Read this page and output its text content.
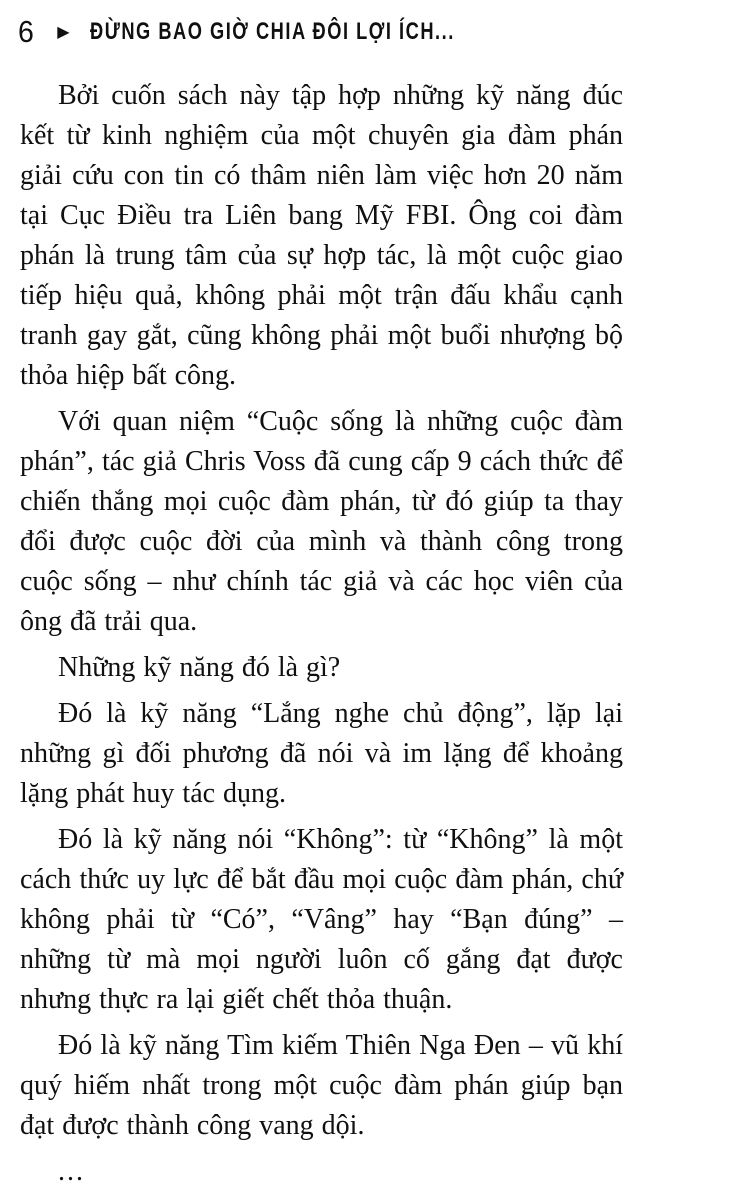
6 ▶ ĐỪNG BAO GIỜ CHIA ĐÔI LỢI ÍCH...

Bởi cuốn sách này tập hợp những kỹ năng đúc kết từ kinh nghiệm của một chuyên gia đàm phán giải cứu con tin có thâm niên làm việc hơn 20 năm tại Cục Điều tra Liên bang Mỹ FBI. Ông coi đàm phán là trung tâm của sự hợp tác, là một cuộc giao tiếp hiệu quả, không phải một trận đấu khẩu cạnh tranh gay gắt, cũng không phải một buổi nhượng bộ thỏa hiệp bất công.

Với quan niệm “Cuộc sống là những cuộc đàm phán”, tác giả Chris Voss đã cung cấp 9 cách thức để chiến thắng mọi cuộc đàm phán, từ đó giúp ta thay đổi được cuộc đời của mình và thành công trong cuộc sống – như chính tác giả và các học viên của ông đã trải qua.

Những kỹ năng đó là gì?

Đó là kỹ năng “Lắng nghe chủ động”, lặp lại những gì đối phương đã nói và im lặng để khoảng lặng phát huy tác dụng.

Đó là kỹ năng nói “Không”: từ “Không” là một cách thức uy lực để bắt đầu mọi cuộc đàm phán, chứ không phải từ “Có”, “Vâng” hay “Bạn đúng” – những từ mà mọi người luôn cố gắng đạt được nhưng thực ra lại giết chết thỏa thuận.

Đó là kỹ năng Tìm kiếm Thiên Nga Đen – vũ khí quý hiếm nhất trong một cuộc đàm phán giúp bạn đạt được thành công vang dội.

...
